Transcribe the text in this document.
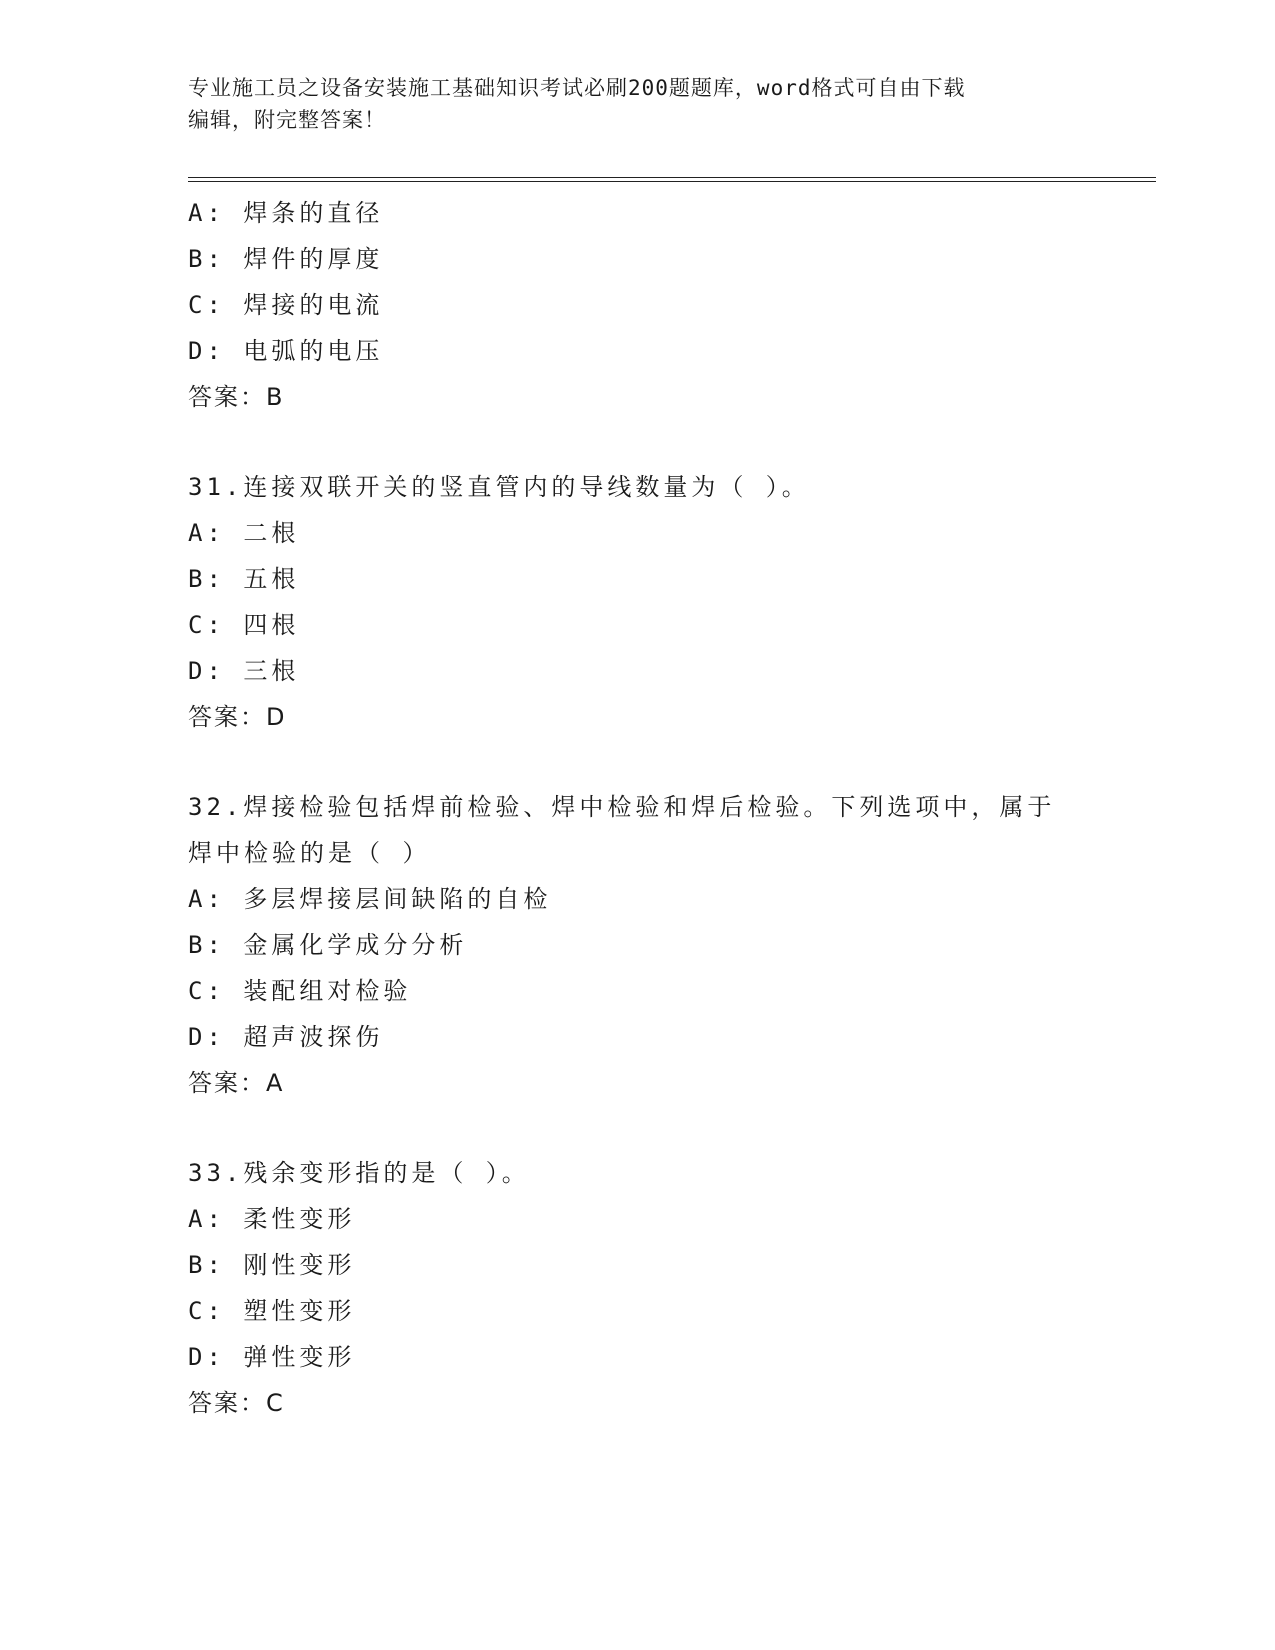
专业施工员之设备安装施工基础知识考试必刷200题题库，word格式可自由下载
编辑，附完整答案！
A: 焊条的直径
B: 焊件的厚度
C: 焊接的电流
D: 电弧的电压
答案：B
31.连接双联开关的竖直管内的导线数量为（ ）。
A: 二根
B: 五根
C: 四根
D: 三根
答案：D
32.焊接检验包括焊前检验、焊中检验和焊后检验。下列选项中，属于
焊中检验的是（ ）
A: 多层焊接层间缺陷的自检
B: 金属化学成分分析
C: 装配组对检验
D: 超声波探伤
答案：A
33.残余变形指的是（ ）。
A: 柔性变形
B: 刚性变形
C: 塑性变形
D: 弹性变形
答案：C
